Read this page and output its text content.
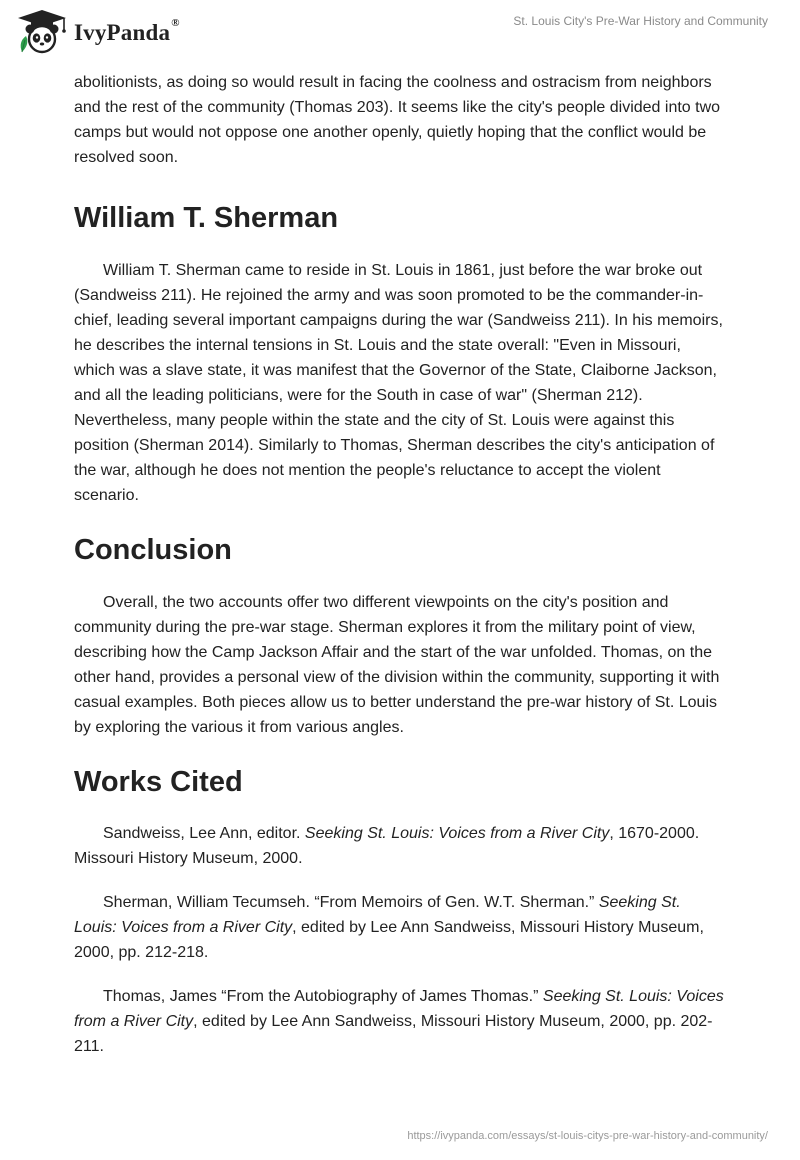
IvyPanda®	St. Louis City's Pre-War History and Community

abolitionists, as doing so would result in facing the coolness and ostracism from neighbors and the rest of the community (Thomas 203). It seems like the city's people divided into two camps but would not oppose one another openly, quietly hoping that the conflict would be resolved soon.

William T. Sherman

William T. Sherman came to reside in St. Louis in 1861, just before the war broke out (Sandweiss 211). He rejoined the army and was soon promoted to be the commander-in-chief, leading several important campaigns during the war (Sandweiss 211). In his memoirs, he describes the internal tensions in St. Louis and the state overall: "Even in Missouri, which was a slave state, it was manifest that the Governor of the State, Claiborne Jackson, and all the leading politicians, were for the South in case of war" (Sherman 212). Nevertheless, many people within the state and the city of St. Louis were against this position (Sherman 2014). Similarly to Thomas, Sherman describes the city's anticipation of the war, although he does not mention the people's reluctance to accept the violent scenario.

Conclusion

Overall, the two accounts offer two different viewpoints on the city's position and community during the pre-war stage. Sherman explores it from the military point of view, describing how the Camp Jackson Affair and the start of the war unfolded. Thomas, on the other hand, provides a personal view of the division within the community, supporting it with casual examples. Both pieces allow us to better understand the pre-war history of St. Louis by exploring the various it from various angles.

Works Cited

Sandweiss, Lee Ann, editor. Seeking St. Louis: Voices from a River City, 1670-2000. Missouri History Museum, 2000.

Sherman, William Tecumseh. “From Memoirs of Gen. W.T. Sherman.” Seeking St. Louis: Voices from a River City, edited by Lee Ann Sandweiss, Missouri History Museum, 2000, pp. 212-218.

Thomas, James “From the Autobiography of James Thomas.” Seeking St. Louis: Voices from a River City, edited by Lee Ann Sandweiss, Missouri History Museum, 2000, pp. 202-211.

https://ivypanda.com/essays/st-louis-citys-pre-war-history-and-community/
